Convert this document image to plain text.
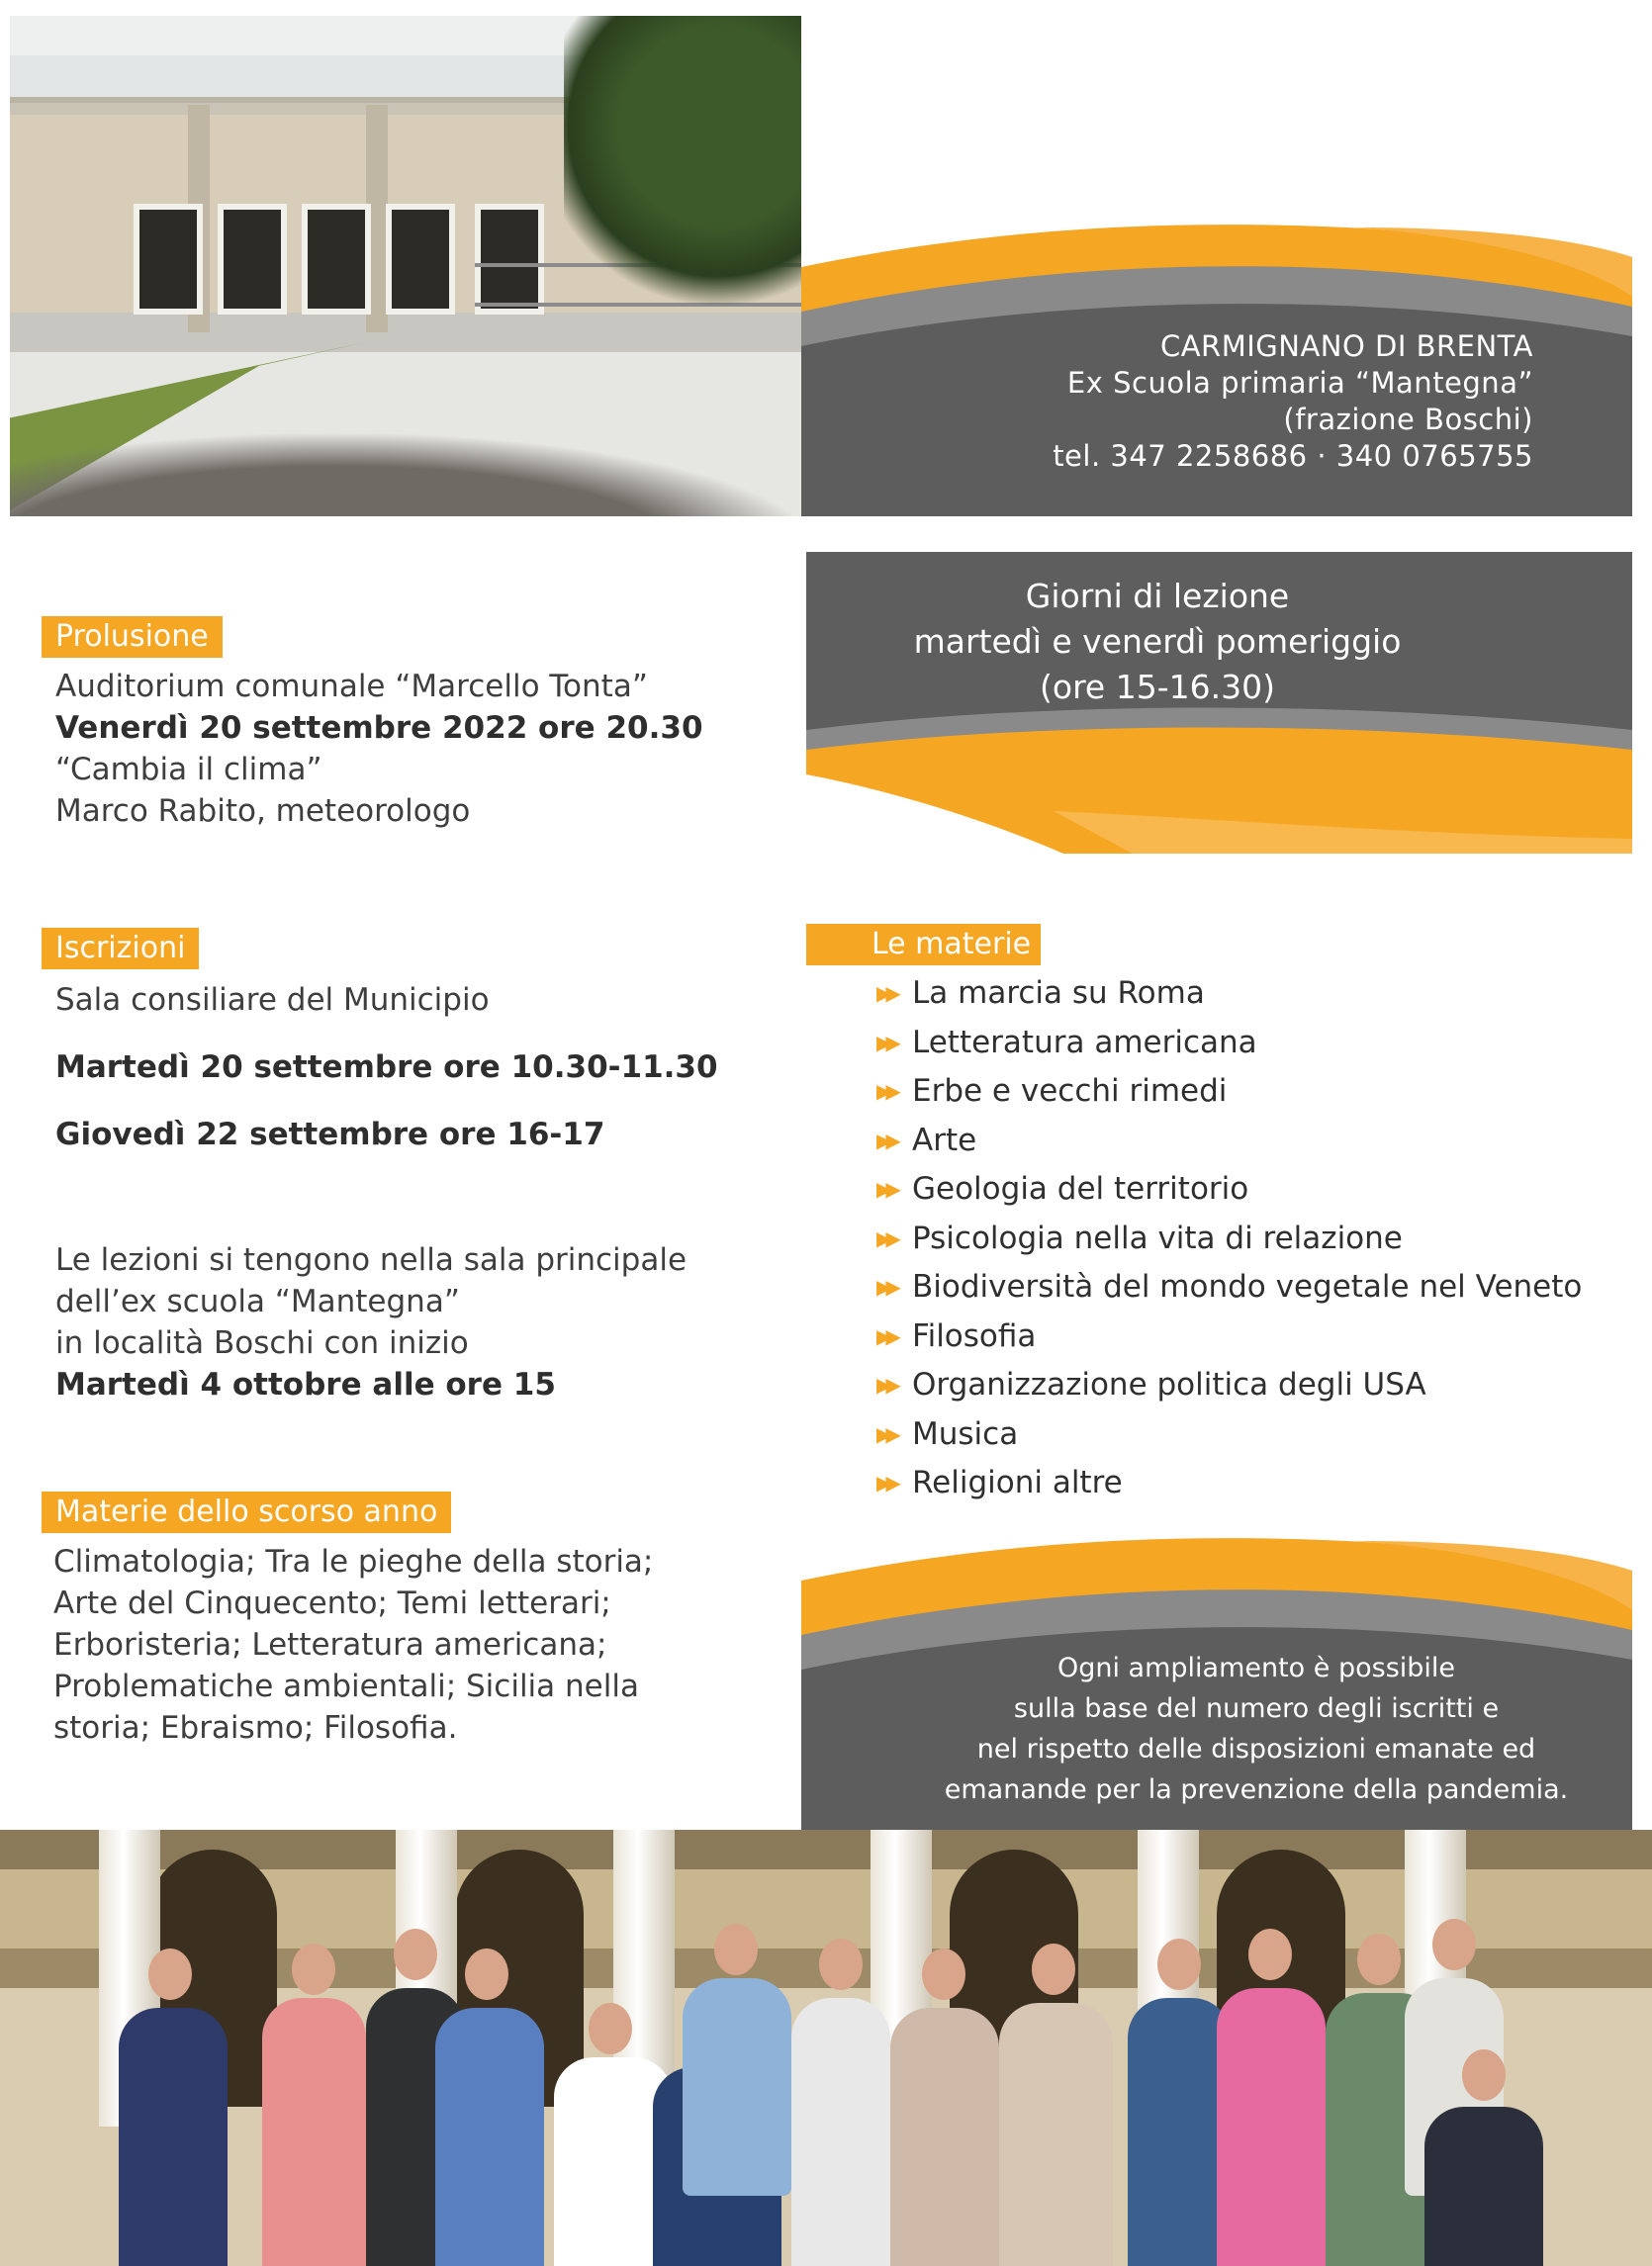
CARMIGNANO DI BRENTA
Ex Scuola primaria “Mantegna”
(frazione Boschi)
tel. 347 2258686 · 340 0765755
Giorni di lezione
martedì e venerdì pomeriggio
(ore 15-16.30)
Prolusione
Auditorium comunale “Marcello Tonta”
Venerdì 20 settembre 2022 ore 20.30
“Cambia il clima”
Marco Rabito, meteorologo
Iscrizioni
Sala consiliare del Municipio
Martedì 20 settembre ore 10.30-11.30
Giovedì 22 settembre ore 16-17
Le lezioni si tengono nella sala principale
dell’ex scuola “Mantegna”
in località Boschi con inizio
Martedì 4 ottobre alle ore 15
Materie dello scorso anno
Climatologia; Tra le pieghe della storia;
Arte del Cinquecento; Temi letterari;
Erboristeria; Letteratura americana;
Problematiche ambientali; Sicilia nella
storia; Ebraismo; Filosofia.
Le materie
▶▶ La marcia su Roma
▶▶ Letteratura americana
▶▶ Erbe e vecchi rimedi
▶▶ Arte
▶▶ Geologia del territorio
▶▶ Psicologia nella vita di relazione
▶▶ Biodiversità del mondo vegetale nel Veneto
▶▶ Filosofia
▶▶ Organizzazione politica degli USA
▶▶ Musica
▶▶ Religioni altre
Ogni ampliamento è possibile
sulla base del numero degli iscritti e
nel rispetto delle disposizioni emanate ed
emanande per la prevenzione della pandemia.
